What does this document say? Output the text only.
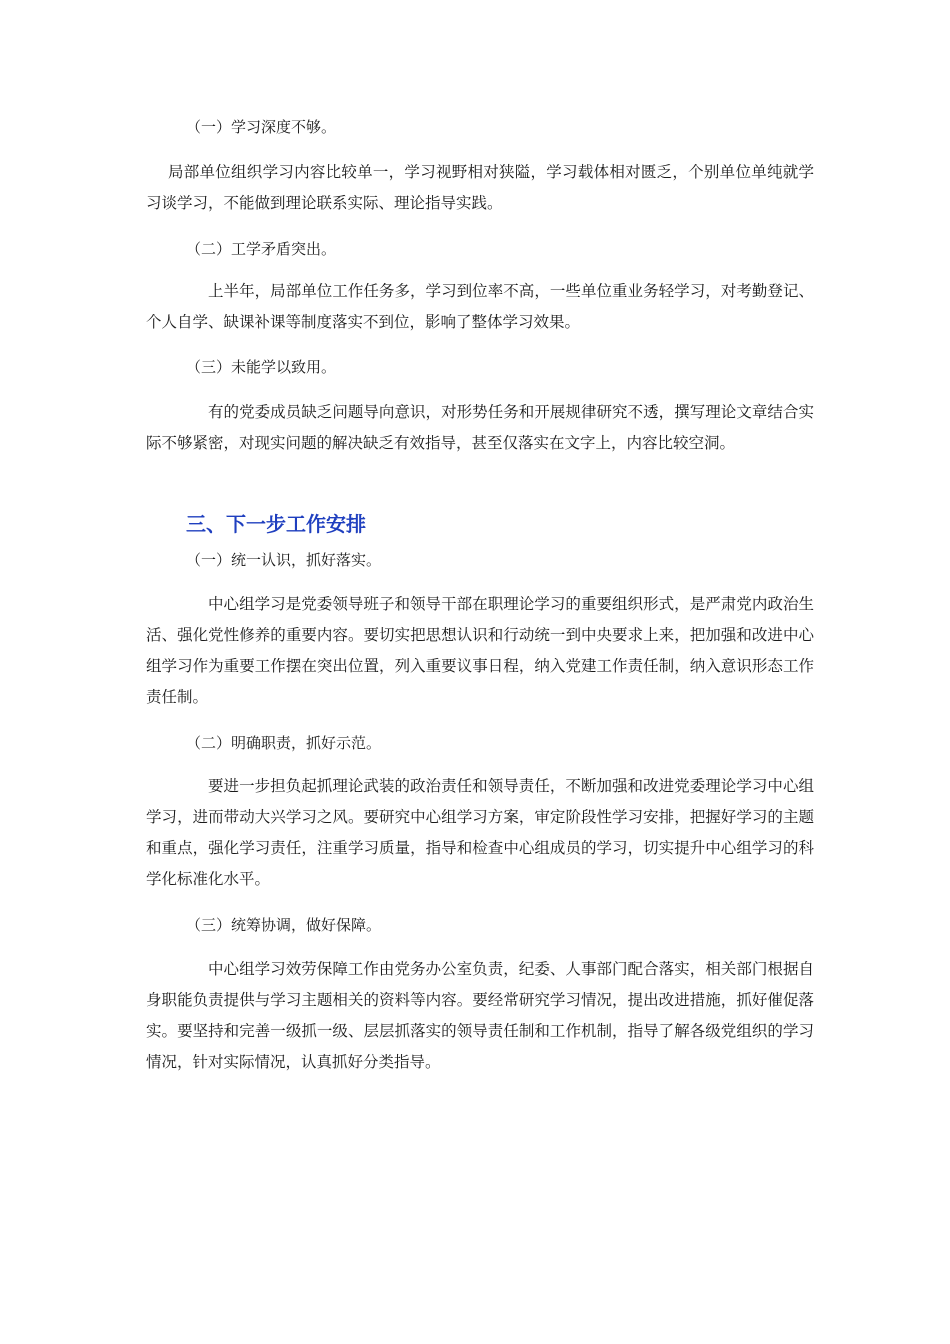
（一）学习深度不够。
局部单位组织学习内容比较单一，学习视野相对狭隘，学习载体相对匮乏，个别单位单纯就学习谈学习，不能做到理论联系实际、理论指导实践。
（二）工学矛盾突出。
上半年，局部单位工作任务多，学习到位率不高，一些单位重业务轻学习，对考勤登记、个人自学、缺课补课等制度落实不到位，影响了整体学习效果。
（三）未能学以致用。
有的党委成员缺乏问题导向意识，对形势任务和开展规律研究不透，撰写理论文章结合实际不够紧密，对现实问题的解决缺乏有效指导，甚至仅落实在文字上，内容比较空洞。
三、下一步工作安排
（一）统一认识，抓好落实。
中心组学习是党委领导班子和领导干部在职理论学习的重要组织形式，是严肃党内政治生活、强化党性修养的重要内容。要切实把思想认识和行动统一到中央要求上来，把加强和改进中心组学习作为重要工作摆在突出位置，列入重要议事日程，纳入党建工作责任制，纳入意识形态工作责任制。
（二）明确职责，抓好示范。
要进一步担负起抓理论武装的政治责任和领导责任，不断加强和改进党委理论学习中心组学习，进而带动大兴学习之风。要研究中心组学习方案，审定阶段性学习安排，把握好学习的主题和重点，强化学习责任，注重学习质量，指导和检查中心组成员的学习，切实提升中心组学习的科学化标准化水平。
（三）统筹协调，做好保障。
中心组学习效劳保障工作由党务办公室负责，纪委、人事部门配合落实，相关部门根据自身职能负责提供与学习主题相关的资料等内容。要经常研究学习情况，提出改进措施，抓好催促落实。要坚持和完善一级抓一级、层层抓落实的领导责任制和工作机制，指导了解各级党组织的学习情况，针对实际情况，认真抓好分类指导。
